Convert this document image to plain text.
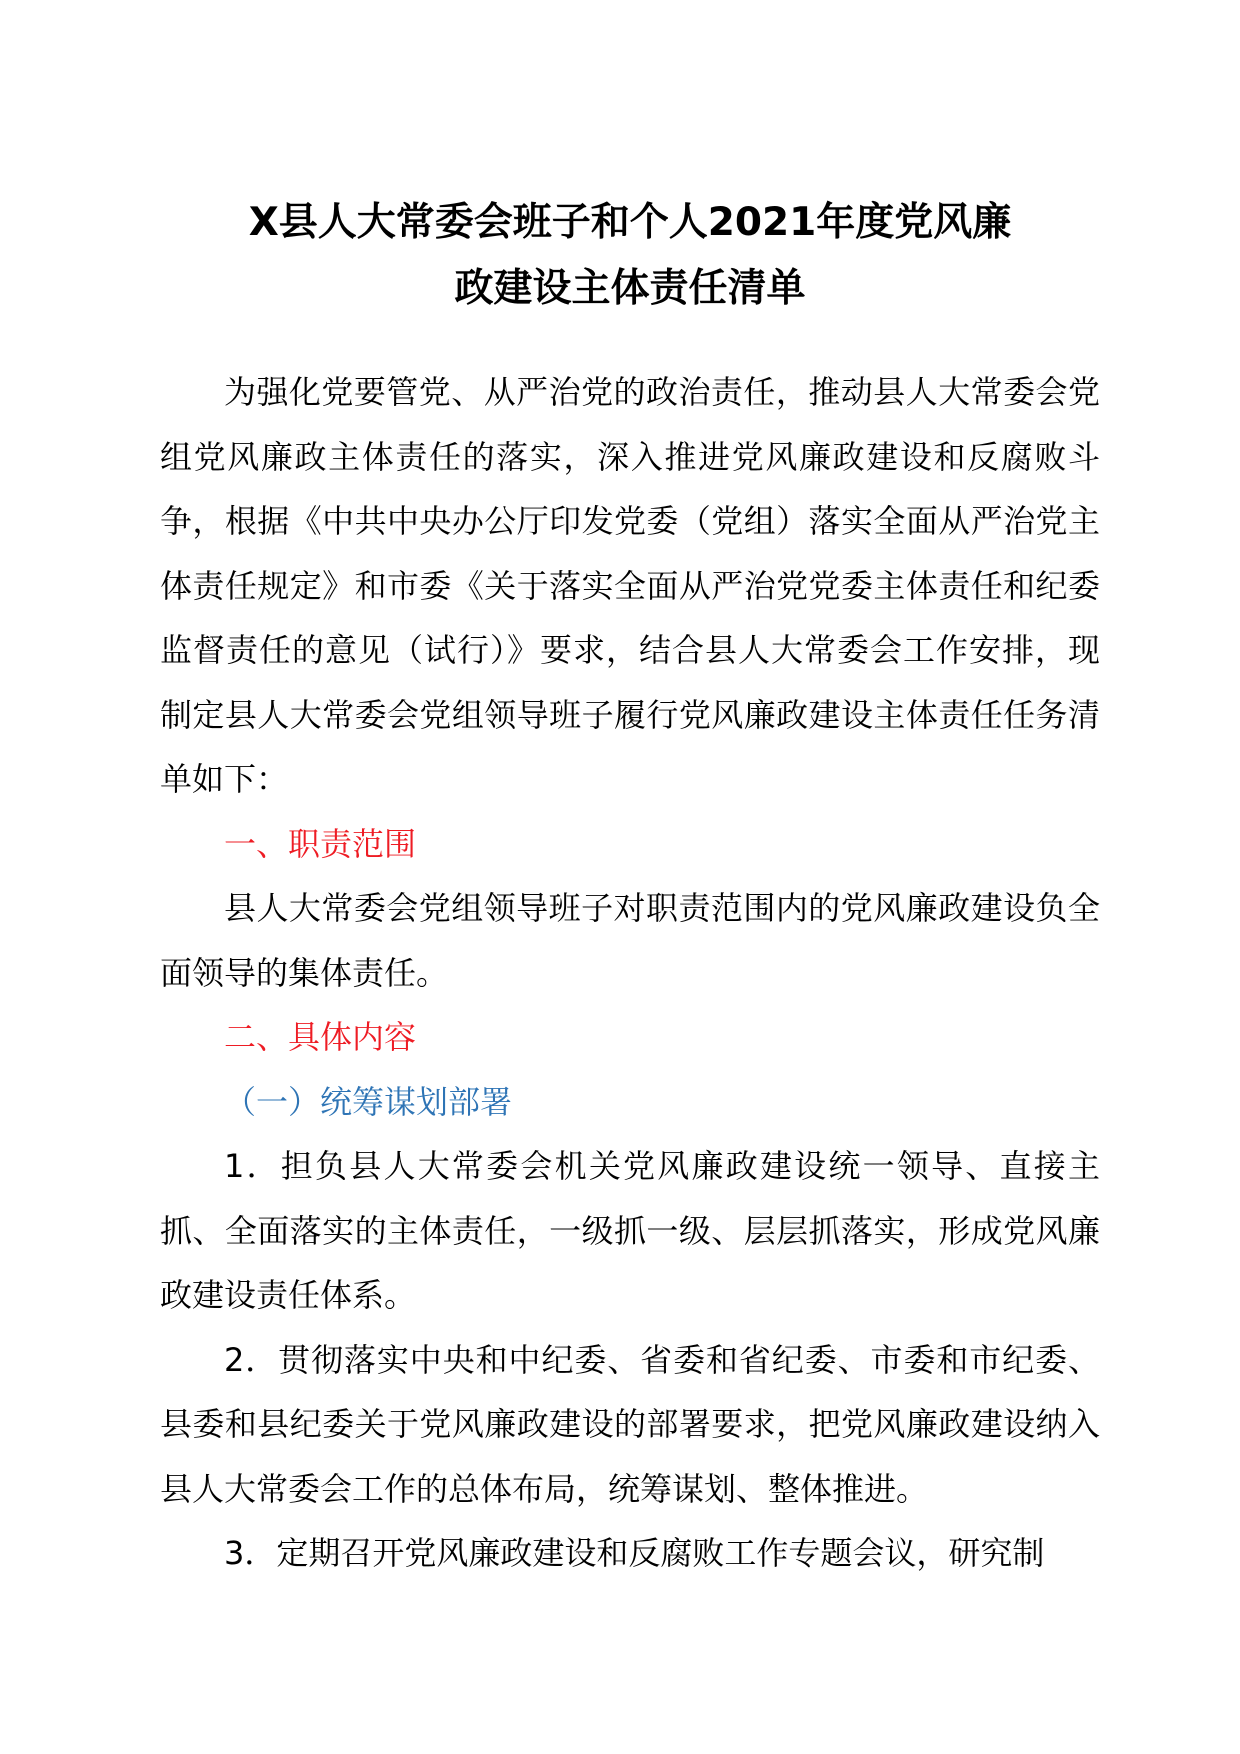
X县人大常委会班子和个人2021年度党风廉
政建设主体责任清单

为强化党要管党、从严治党的政治责任，推动县人大常委会党组党风廉政主体责任的落实，深入推进党风廉政建设和反腐败斗争，根据《中共中央办公厅印发党委（党组）落实全面从严治党主体责任规定》和市委《关于落实全面从严治党党委主体责任和纪委监督责任的意见（试行）》要求，结合县人大常委会工作安排，现制定县人大常委会党组领导班子履行党风廉政建设主体责任任务清单如下：

一、职责范围

县人大常委会党组领导班子对职责范围内的党风廉政建设负全面领导的集体责任。

二、具体内容

（一）统筹谋划部署

1．担负县人大常委会机关党风廉政建设统一领导、直接主抓、全面落实的主体责任，一级抓一级、层层抓落实，形成党风廉政建设责任体系。

2．贯彻落实中央和中纪委、省委和省纪委、市委和市纪委、县委和县纪委关于党风廉政建设的部署要求，把党风廉政建设纳入县人大常委会工作的总体布局，统筹谋划、整体推进。

3．定期召开党风廉政建设和反腐败工作专题会议，研究制
